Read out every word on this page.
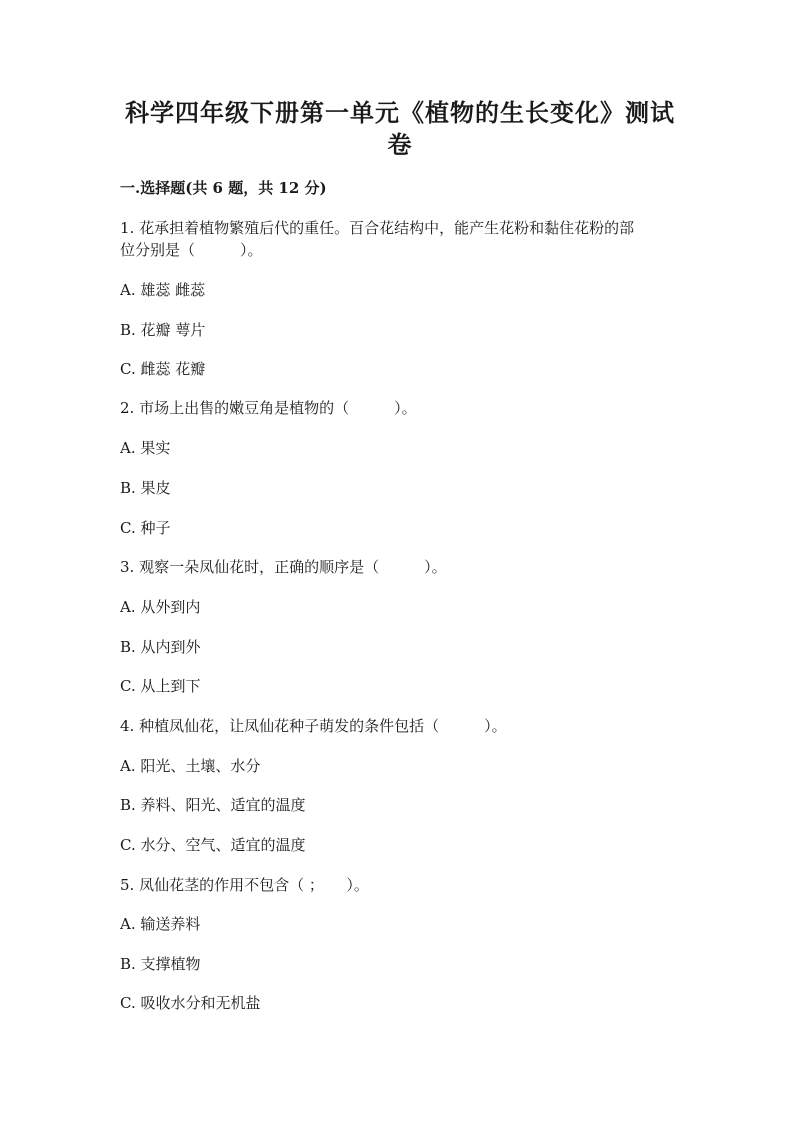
科学四年级下册第一单元《植物的生长变化》测试
卷

一.选择题(共 6 题，共 12 分)

1. 花承担着植物繁殖后代的重任。百合花结构中，能产生花粉和黏住花粉的部

位分别是（　　　）。

A. 雄蕊 雌蕊

B. 花瓣 萼片

C. 雌蕊 花瓣

2. 市场上出售的嫩豆角是植物的（　　　）。

A. 果实

B. 果皮

C. 种子

3. 观察一朵凤仙花时，正确的顺序是（　　　）。

A. 从外到内

B. 从内到外

C. 从上到下

4. 种植凤仙花，让凤仙花种子萌发的条件包括（　　　）。

A. 阳光、土壤、水分

B. 养料、阳光、适宜的温度

C. 水分、空气、适宜的温度

5. 凤仙花茎的作用不包含（ ；　　）。

A. 输送养料

B. 支撑植物

C. 吸收水分和无机盐
